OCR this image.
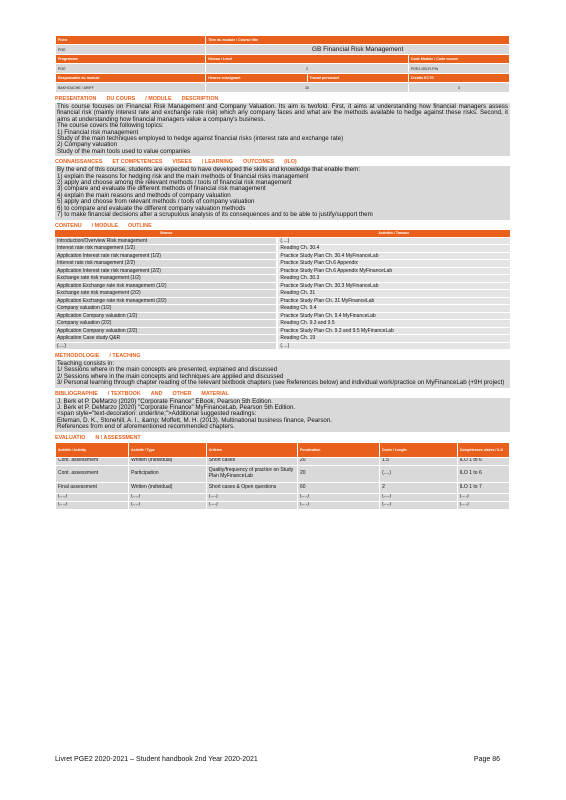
Fiche	Titre du module / Course title		
PGE	GB Financial Risk Management		
Programme	Niveau / Level		Code Module / Code course
PGE	2		PGE2-GB-FI-FIN
Responsable du module	Heures enseignant	Travail personnel	Crédits ECTS
BAKHOUCHE / ARIFF	30		3
PRESENTATION DU COURS / MODULE DESCRIPTION

This course focuses on Financial Risk Management and Company Valuation. Its aim is twofold. First, it aims at understanding how financial managers assess financial risk (mainly interest rate and exchange rate risk) which any company faces and what are the methods available to hedge against these risks. Second, it aims at understanding how financial managers value a company's business.

The course covers the following topics:

1) Financial risk management

Study of the main techniques employed to hedge against financial risks (interest rate and exchange rate)

2) Company valuation

Study of the main tools used to value companies

CONNAISSANCES ET COMPETENCES VISEES / LEARNING OUTCOMES (ILO)

By the end of this course, students are expected to have developed the skills and knowledge that enable them:

1) explain the reasons for hedging risk and the main methods of financial risks management

2) apply and choose among the relevant methods / tools of financial risk management

3) compare and evaluate the different methods of financial risk management

4) explain the main reasons and methods of company valuation

5) apply and choose from relevant methods / tools of company valuation

6) to compare and evaluate the different company valuation methods

7) to make financial decisions after a scrupulous analysis of its consequences and to be able to justify/support them

CONTENU / MODULE OUTLINE
Séance	Activités / Travaux
Introduction/Overview Risk management	(....)
Interest rate risk management (1/2)	Reading Ch. 30.4
Application Interest rate risk management (1/2)	Practice Study Plan Ch. 30.4 MyFinanceLab
Interest rate risk management (2/2)	Practice Study Plan Ch.6 Appendix
Application Interest rate risk management (2/2)	Practice Study Plan Ch.6 Appendix MyFinanceLab
Exchange rate risk management (1/2)	Reading Ch. 30.3
Application Exchange rate risk management (1/2)	Practice Study Plan Ch. 30.3 MyFinanceLab
Exchange rate risk management (2/2)	Reading Ch. 31
Application Exchange rate risk management (2/2)	Practice Study Plan Ch. 31 MyFinanceLab
Company valuation (1/2)	Reading Ch. 9.4
Application Company valuation (1/2)	Practice Study Plan Ch. 9.4 MyFinanceLab
Company valuation (2/2)	Reading Ch. 9.3 and 9.5
Application Company valuation (2/2)	Practice Study Plan Ch. 9.3 and 9.5 MyFinanceLab
Application Case study Q&R	Reading Ch. 19
(....)	(....)
METHODOLOGIE / TEACHING

Teaching consists in:

1/ Sessions where in the main concepts are presented, explained and discussed

2/ Sessions where in the main concepts and techniques are applied and discussed

3/ Personal learning through chapter reading of the relevant textbook chapters (see References below) and individual work/practice on MyFinanceLab (+9H project)

BIBLIOGRAPHIE / TEXTBOOK AND OTHER MATERIAL

J. Berk et P. DeMarzo (2020) "Corporate Finance" EBook, Pearson 5th Edition.

J. Berk et P. DeMarzo (2020) "Corporate Finance" MyFinanceLab, Pearson 5th Edition.

<span style="text-decoration: underline;">Additional suggested readings:

Eiteman, D. K., Stonehill, A. I., &amp; Moffett, M. H. (2013). Multinational business finance, Pearson.

References from end of aforementioned recommended chapters.

EVALUATIO N / ASSESSMENT
Activité / Activity	Activité / Type	Critères	Pondération	Durée / Length	Compétences visées / ILO
Cont. assessment	Written (individual)	Short cases	20	1.5	ILO 1 to 6
Cont. assessment	Participation	Quality/frequency of practice on Study Plan MyFinanceLab	20	(....)	ILO 1 to 6
Final assessment	Written (individual)	Short cases & Open questions	60	2	ILO 1 to 7
(....)	(....)	(....)	(....)	(....)	(....)
(....)	(....)	(....)	(....)	(....)	(....)
Livret PGE2 2020-2021 – Student handbook 2nd Year 2020-2021	Page 86
